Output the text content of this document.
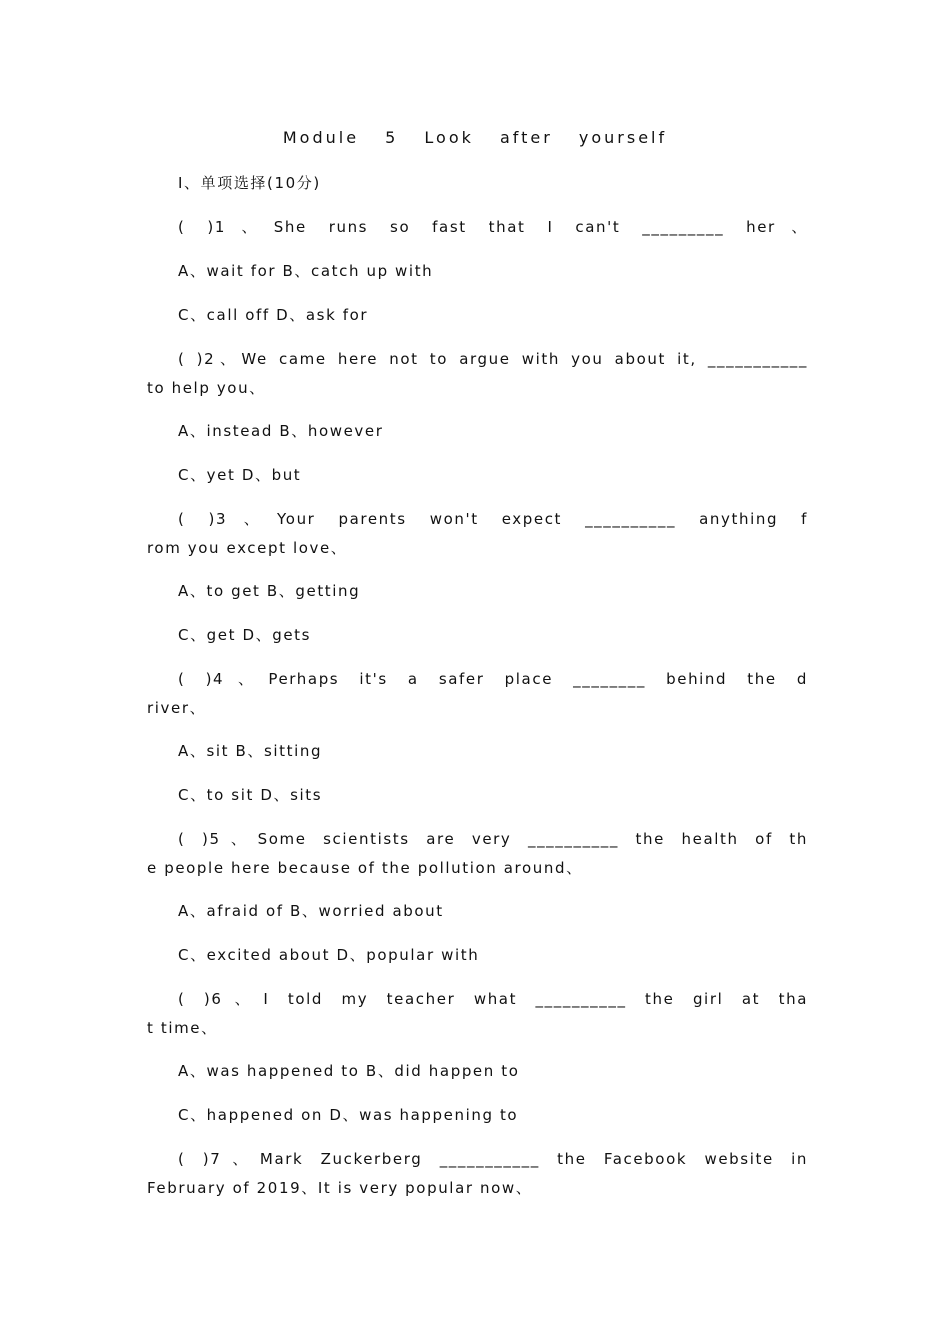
Module 5 Look after yourself
Ⅰ、单项选择(10分)
( )1、She runs so fast that I can't _________ her、
A、wait for B、catch up with
C、call off D、ask for
( )2、We came here not to argue with you about it, ___________
to help you、
A、instead B、however
C、yet D、but
( )3、Your parents won't expect __________ anything f
rom you except love、
A、to get B、getting
C、get D、gets
( )4、Perhaps it's a safer place ________ behind the d
river、
A、sit B、sitting
C、to sit D、sits
( )5、Some scientists are very __________ the health of th
e people here because of the pollution around、
A、afraid of B、worried about
C、excited about D、popular with
( )6、I told my teacher what __________ the girl at tha
t time、
A、was happened to B、did happen to
C、happened on D、was happening to
( )7、Mark Zuckerberg ___________ the Facebook website in
February of 2019、It is very popular now、
